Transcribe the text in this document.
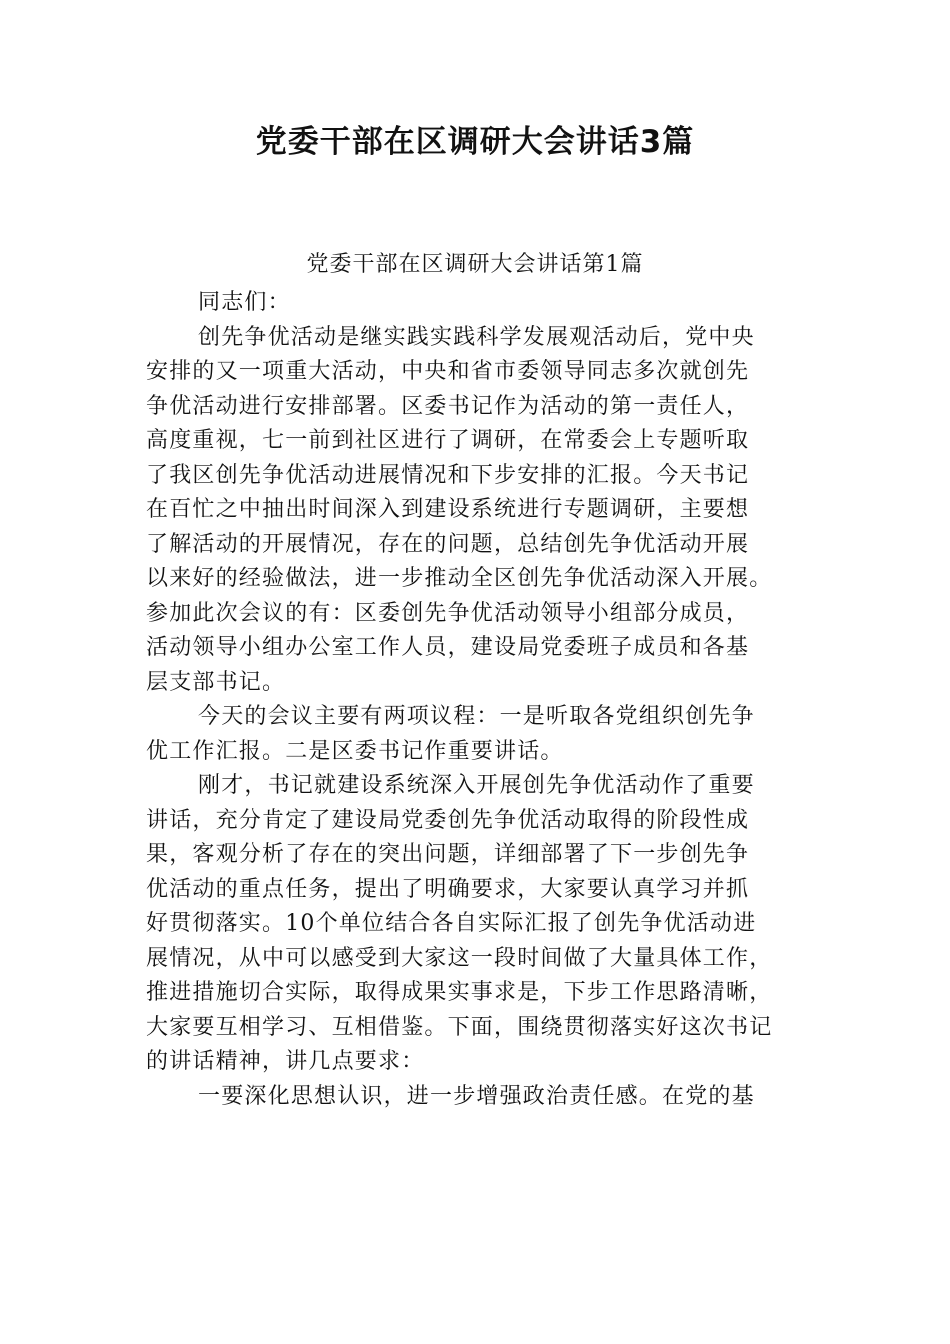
党委干部在区调研大会讲话3篇

党委干部在区调研大会讲话第1篇

同志们：
创先争优活动是继实践实践科学发展观活动后，党中央
安排的又一项重大活动，中央和省市委领导同志多次就创先
争优活动进行安排部署。区委书记作为活动的第一责任人，
高度重视，七一前到社区进行了调研，在常委会上专题听取
了我区创先争优活动进展情况和下步安排的汇报。今天书记
在百忙之中抽出时间深入到建设系统进行专题调研，主要想
了解活动的开展情况，存在的问题，总结创先争优活动开展
以来好的经验做法，进一步推动全区创先争优活动深入开展。
参加此次会议的有：区委创先争优活动领导小组部分成员，
活动领导小组办公室工作人员，建设局党委班子成员和各基
层支部书记。
今天的会议主要有两项议程：一是听取各党组织创先争
优工作汇报。二是区委书记作重要讲话。
刚才，书记就建设系统深入开展创先争优活动作了重要
讲话，充分肯定了建设局党委创先争优活动取得的阶段性成
果，客观分析了存在的突出问题，详细部署了下一步创先争
优活动的重点任务，提出了明确要求，大家要认真学习并抓
好贯彻落实。10个单位结合各自实际汇报了创先争优活动进
展情况，从中可以感受到大家这一段时间做了大量具体工作，
推进措施切合实际，取得成果实事求是，下步工作思路清晰，
大家要互相学习、互相借鉴。下面，围绕贯彻落实好这次书记
的讲话精神，讲几点要求：
一要深化思想认识，进一步增强政治责任感。在党的基
